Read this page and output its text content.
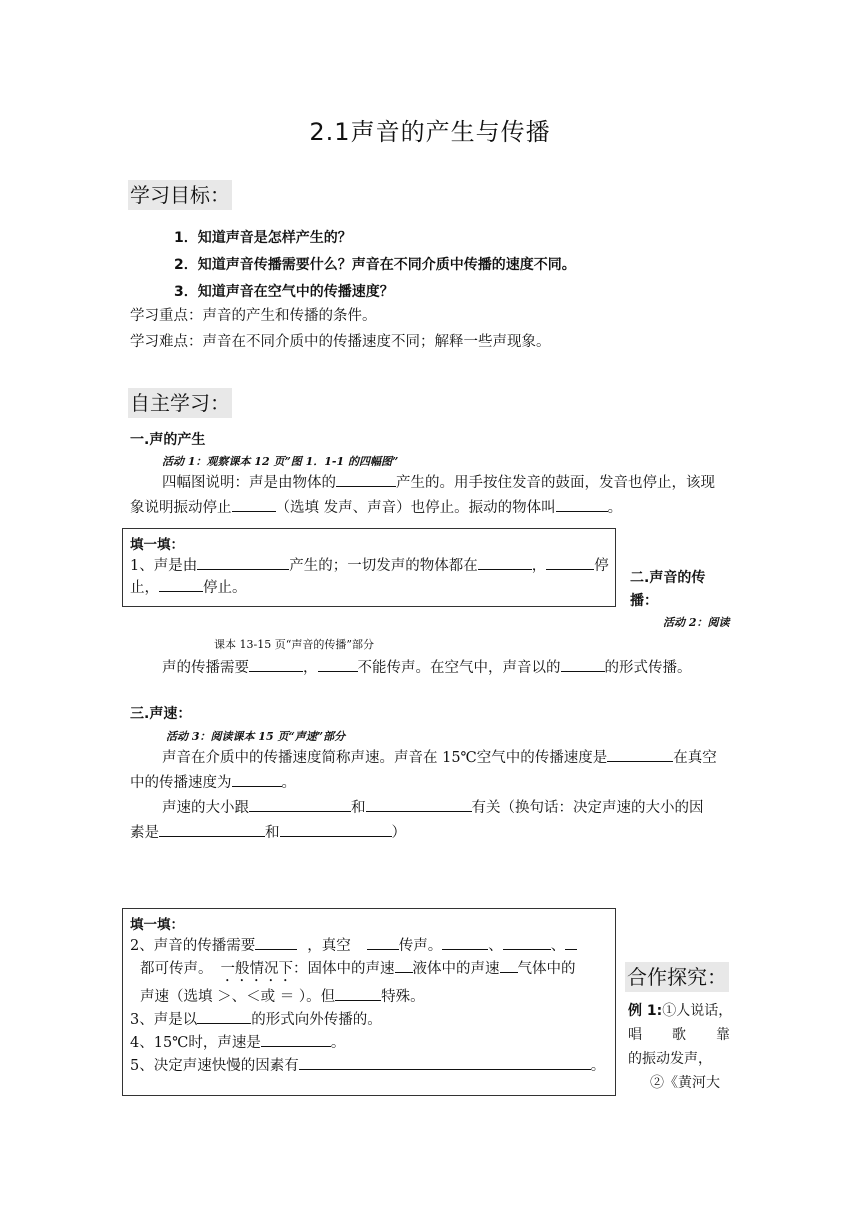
2.1声音的产生与传播
学习目标：
1．知道声音是怎样产生的？
2．知道声音传播需要什么？声音在不同介质中传播的速度不同。
3．知道声音在空气中的传播速度？
学习重点：声音的产生和传播的条件。
学习难点：声音在不同介质中的传播速度不同；解释一些声现象。
自主学习：
一.声的产生
活动 1：观察课本 12 页”图 1．1-1 的四幅图”
四幅图说明：声是由物体的	产生的。用手按住发音的鼓面，发音也停止，该现
象说明振动停止	（选填 发声、声音）也停止。振动的物体叫	。
填一填：
1、声是由	产生的；一切发声的物体都在	，	停
止，	停止。
二.声音的传
播：
活动 2：阅读
课本 13-15 页“声音的传播”部分
声的传播需要	，	不能传声。在空气中，声音以的	的形式传播。
三.声速：
活动 3：阅读课本 15 页“声速”部分
声音在介质中的传播速度简称声速。声音在 15℃空气中的传播速度是	在真空
中的传播速度为	。
声速的大小跟	和	有关（换句话：决定声速的大小的因
素是	和	）
填一填：
2、声音的传播需要	，真空	传声。	、	、
都可传声。 一般情况下：固体中的声速 液体中的声速 气体中的
声速（选填 ＞、＜或 ＝ ）。但	特殊。
3、声是以	的形式向外传播的。
4、15℃时，声速是	。
5、决定声速快慢的因素有	。
合作探究：
例 1:①人说话，
唱 歌 靠
的振动发声，
②《黄河大
